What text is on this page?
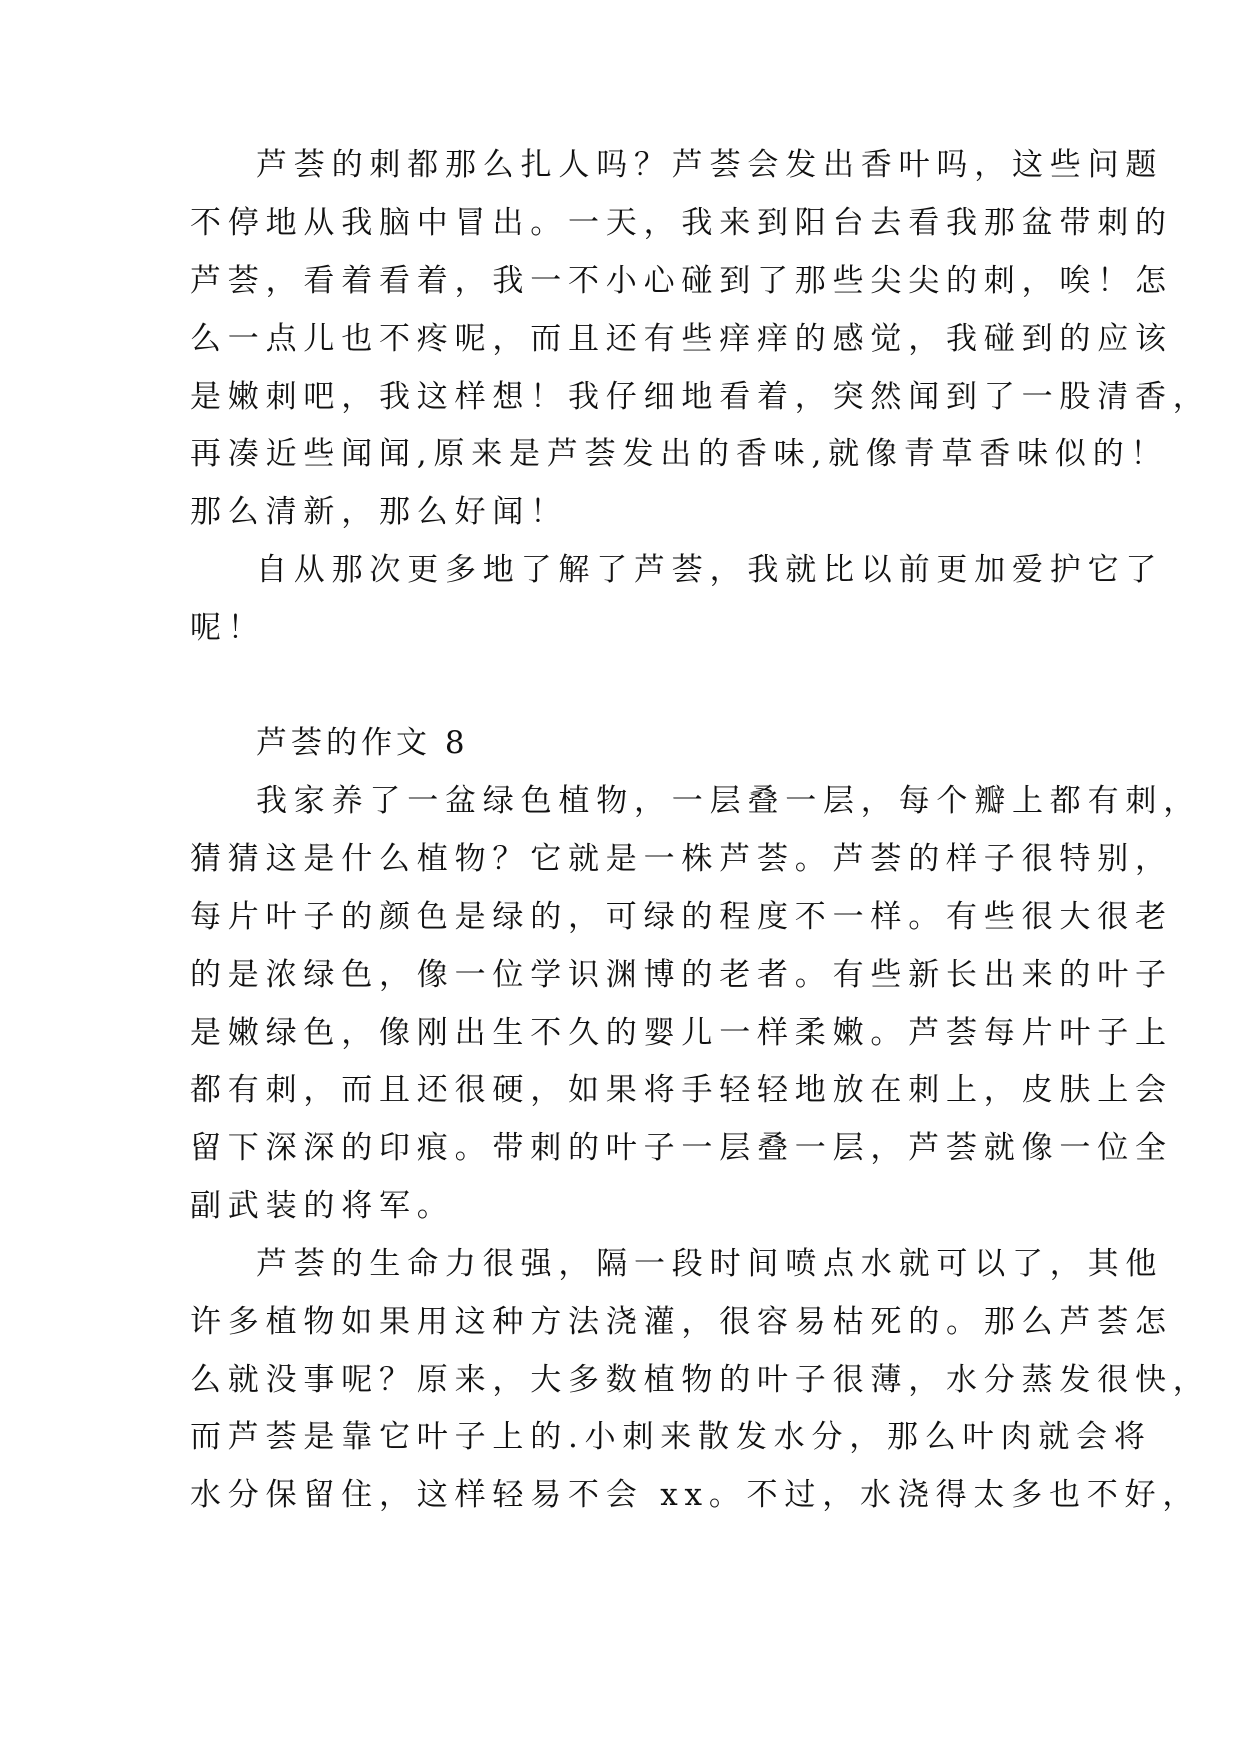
芦荟的刺都那么扎人吗？芦荟会发出香叶吗，这些问题
不停地从我脑中冒出。一天，我来到阳台去看我那盆带刺的
芦荟，看着看着，我一不小心碰到了那些尖尖的刺，唉！怎
么一点儿也不疼呢，而且还有些痒痒的感觉，我碰到的应该
是嫩刺吧，我这样想！我仔细地看着，突然闻到了一股清香，
再凑近些闻闻,原来是芦荟发出的香味,就像青草香味似的！
那么清新，那么好闻！
自从那次更多地了解了芦荟，我就比以前更加爱护它了
呢！
芦荟的作文 8
我家养了一盆绿色植物，一层叠一层，每个瓣上都有刺，
猜猜这是什么植物？它就是一株芦荟。芦荟的样子很特别，
每片叶子的颜色是绿的，可绿的程度不一样。有些很大很老
的是浓绿色，像一位学识渊博的老者。有些新长出来的叶子
是嫩绿色，像刚出生不久的婴儿一样柔嫩。芦荟每片叶子上
都有刺，而且还很硬，如果将手轻轻地放在刺上，皮肤上会
留下深深的印痕。带刺的叶子一层叠一层，芦荟就像一位全
副武装的将军。
芦荟的生命力很强，隔一段时间喷点水就可以了，其他
许多植物如果用这种方法浇灌，很容易枯死的。那么芦荟怎
么就没事呢？原来，大多数植物的叶子很薄，水分蒸发很快，
而芦荟是靠它叶子上的.小刺来散发水分，那么叶肉就会将
水分保留住，这样轻易不会 xx。不过，水浇得太多也不好，
